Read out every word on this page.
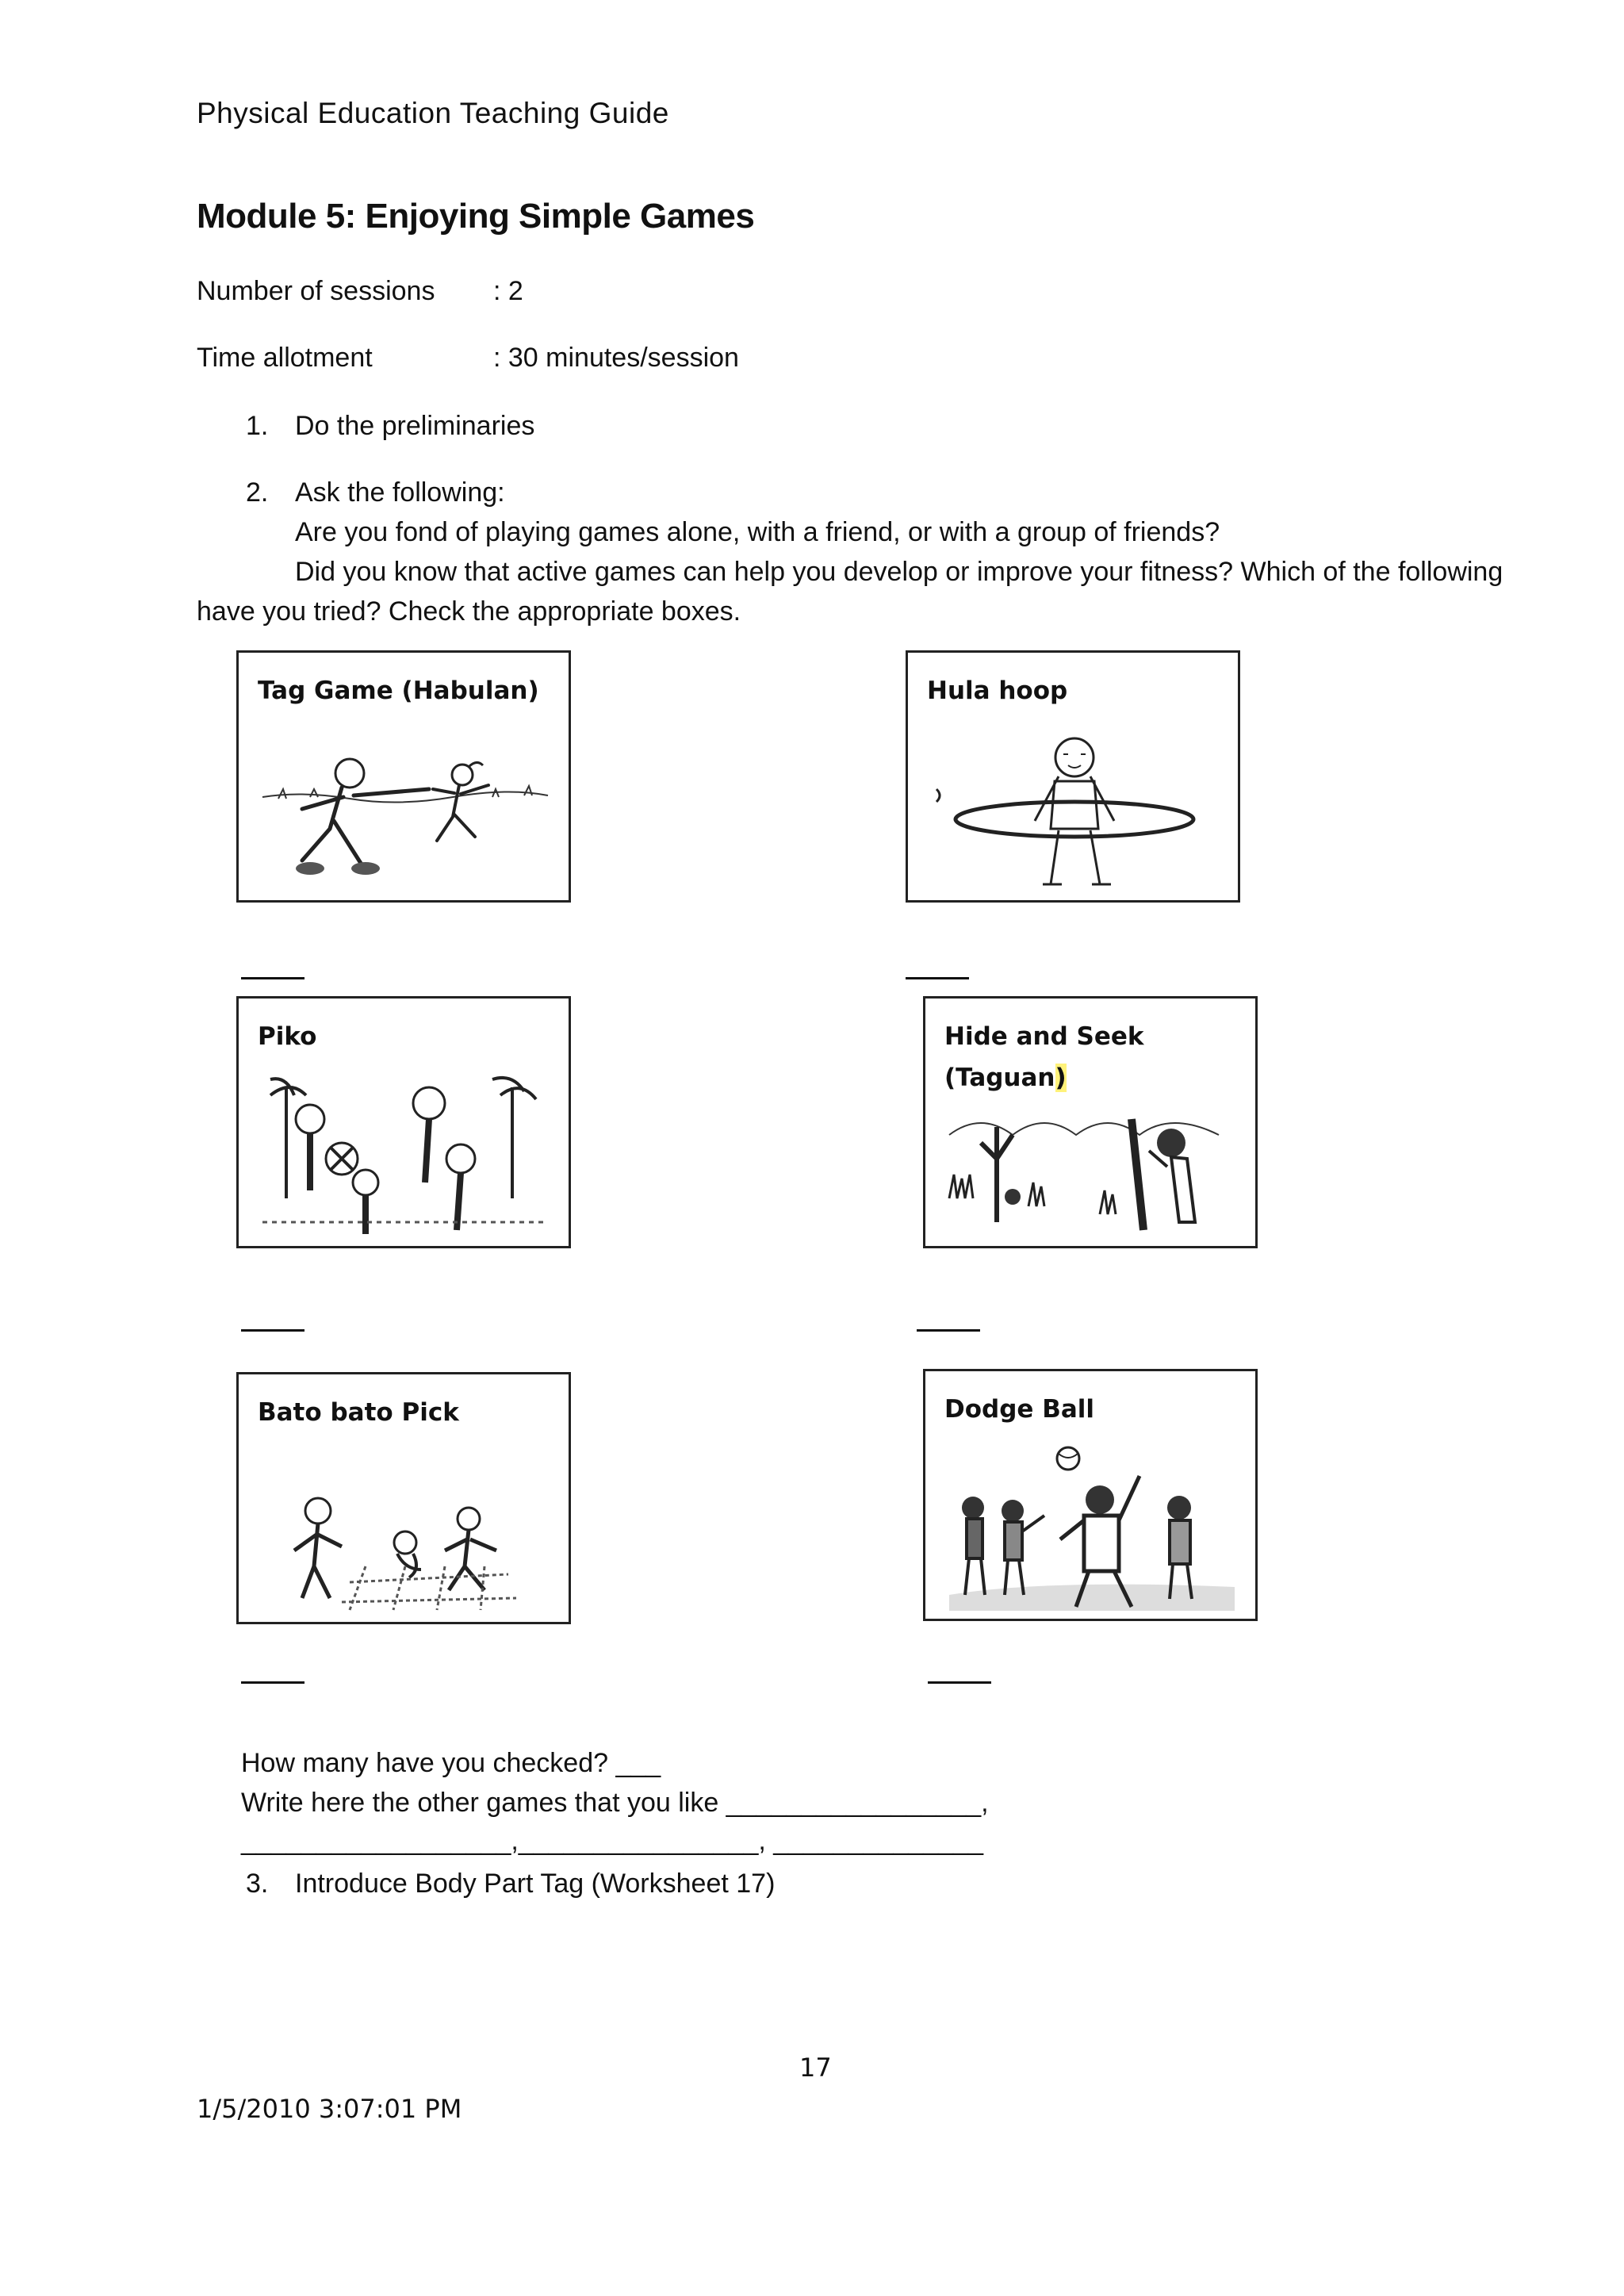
Physical Education Teaching Guide
Module 5: Enjoying Simple Games
Number of sessions : 2
Time allotment	: 30 minutes/session
1. Do the preliminaries
2. Ask the following:
Are you fond of playing games alone, with a friend, or with a group of friends?
Did you know that active games can help you develop or improve your fitness? Which of the following
have you tried? Check the appropriate boxes.
Tag Game (Habulan)	Hula hoop
Piko	Hide and Seek
(Taguan)
Bato bato Pick	Dodge Ball
How many have you checked? ___
Write here the other games that you like _________________,
__________________,________________, ______________
3. Introduce Body Part Tag (Worksheet 17)
17
1/5/2010 3:07:01 PM
